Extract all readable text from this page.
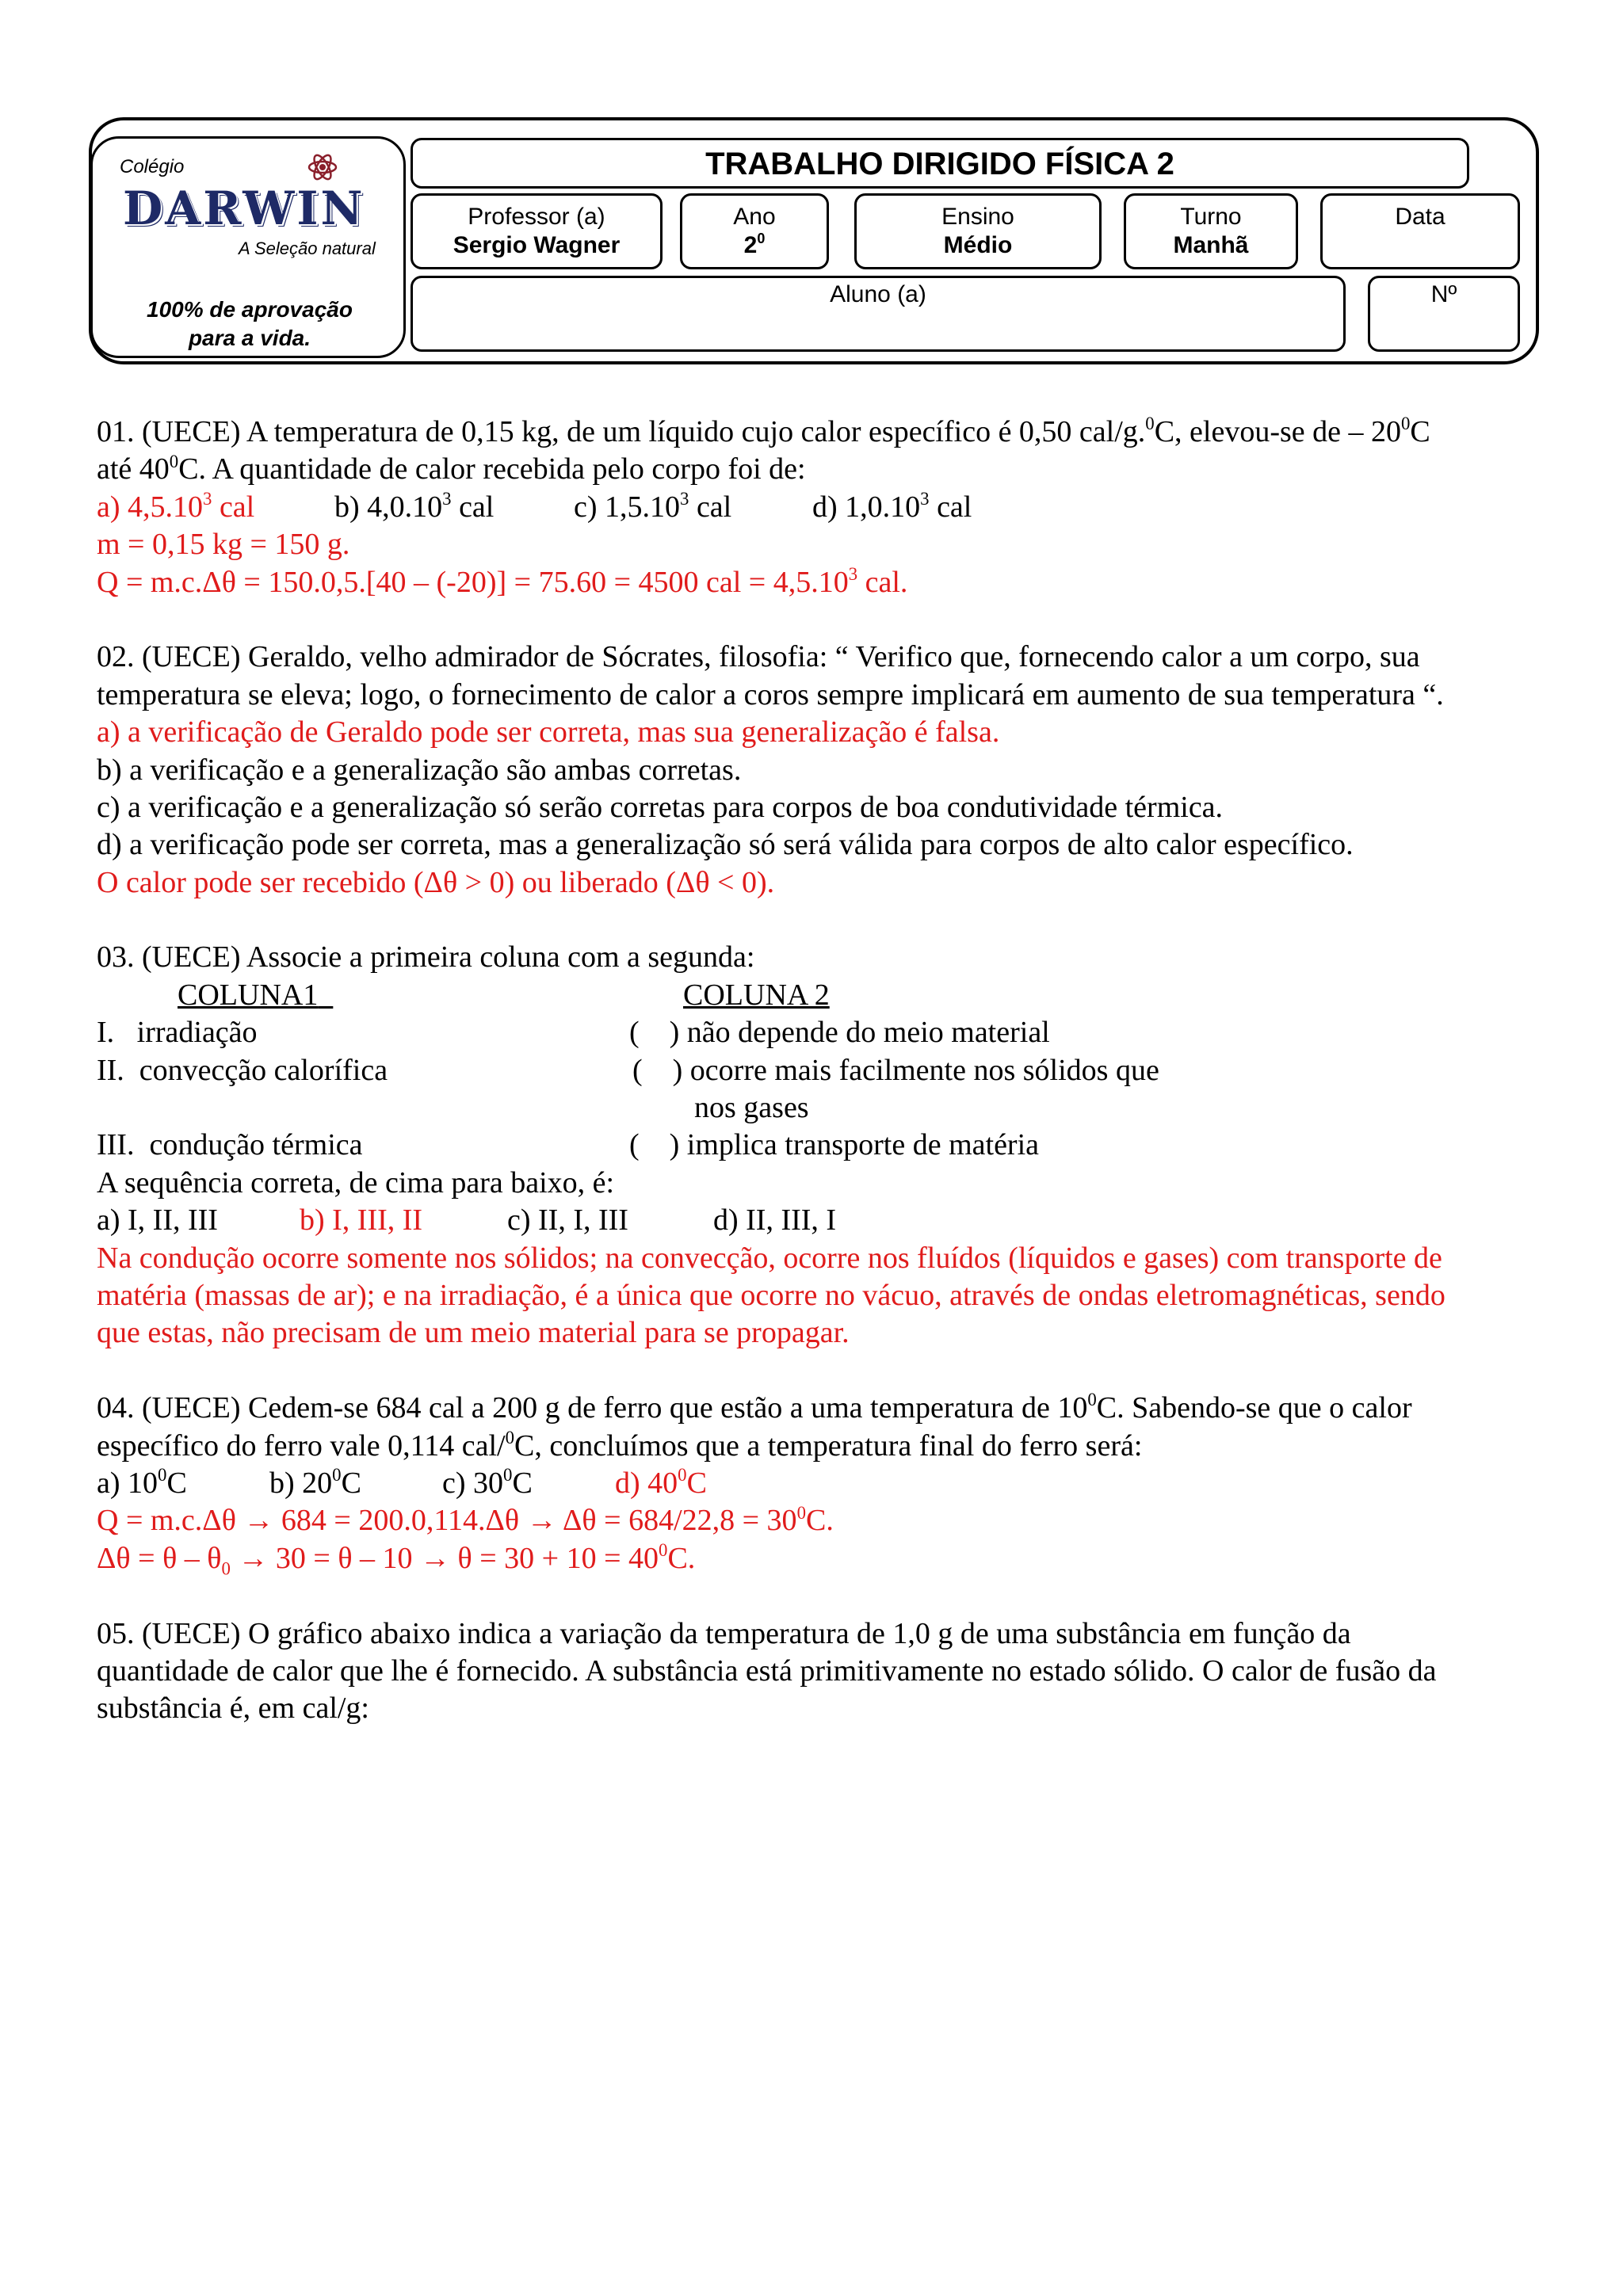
Colégio
DARWIN
A Seleção natural
100% de aprovação
para a vida.
TRABALHO DIRIGIDO FÍSICA 2
Professor (a)
Sergio Wagner
Ano
$2^0$
Ensino
Médio
Turno
Manhã
Data
Aluno (a)	Nº
01. (UECE) A temperatura de 0,15 kg, de um líquido cujo calor específico é 0,50 cal/g.$^0$C, elevou-se de – $20^0C$
até $40^0C$. A quantidade de calor recebida pelo corpo foi de:
a) 4,5.10$^3$ cal	b) 4,0.10$^3$ cal	c) 1,5.10$^3$ cal	d) 1,0.10$^3$ cal
m = 0,15 kg = 150 g.
Q = m.c.Δθ = 150.0,5.[40 – (-20)] = 75.60 = 4500 cal = $4,5.10^3$ cal.
02. (UECE) Geraldo, velho admirador de Sócrates, filosofia: “ Verifico que, fornecendo calor a um corpo, sua
temperatura se eleva; logo, o fornecimento de calor a coros sempre implicará em aumento de sua temperatura “.
a) a verificação de Geraldo pode ser correta, mas sua generalização é falsa.
b) a verificação e a generalização são ambas corretas.
c) a verificação e a generalização só serão corretas para corpos de boa condutividade térmica.
d) a verificação pode ser correta, mas a generalização só será válida para corpos de alto calor específico.
O calor pode ser recebido (Δθ > 0) ou liberado (Δθ < 0).
03. (UECE) Associe a primeira coluna com a segunda:
COLUNA1	COLUNA 2
I.   irradiação	(    ) não depende do meio material
II.  convecção calorífica	(    ) ocorre mais facilmente nos sólidos que
nos gases
III.  condução térmica	(    ) implica transporte de matéria
A sequência correta, de cima para baixo, é:
a) I, II, III	b) I, III, II	c) II, I, III	d) II, III, I
Na condução ocorre somente nos sólidos; na convecção, ocorre nos fluídos (líquidos e gases) com transporte de
matéria (massas de ar); e na irradiação, é a única que ocorre no vácuo, através de ondas eletromagnéticas, sendo
que estas, não precisam de um meio material para se propagar.
04. (UECE) Cedem-se 684 cal a 200 g de ferro que estão a uma temperatura de $10^0C$. Sabendo-se que o calor
específico do ferro vale 0,114 cal/$^0$C, concluímos que a temperatura final do ferro será:
a) $10^0C$	b) $20^0C$	c) $30^0C$	d) $40^0C$
$Q = m.c.\Delta\theta \to 684 = 200.0,114.\Delta\theta \to \Delta\theta = 684/22,8 = 30^0C$.
$\Delta\theta = \theta - \theta_0 \to 30 = \theta - 10 \to \theta = 30 + 10 = 40^0C$.
05. (UECE) O gráfico abaixo indica a variação da temperatura de 1,0 g de uma substância em função da
quantidade de calor que lhe é fornecido. A substância está primitivamente no estado sólido. O calor de fusão da
substância é, em cal/g:
